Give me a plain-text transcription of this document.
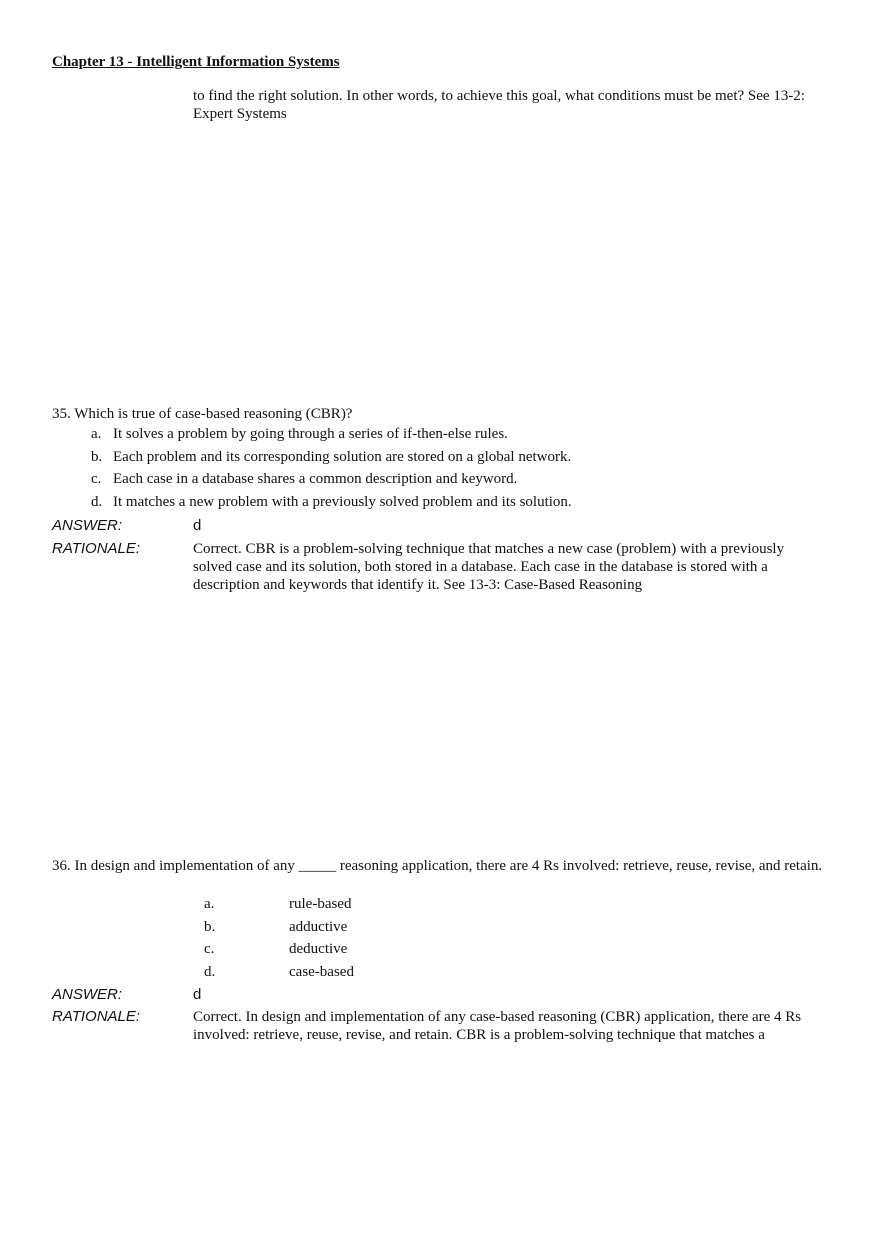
Chapter 13 - Intelligent Information Systems
to find the right solution. In other words, to achieve this goal, what conditions must be met? See 13-2: Expert Systems
35. Which is true of case-based reasoning (CBR)?
a. It solves a problem by going through a series of if-then-else rules.
b. Each problem and its corresponding solution are stored on a global network.
c. Each case in a database shares a common description and keyword.
d. It matches a new problem with a previously solved problem and its solution.
ANSWER:	d
RATIONALE:	Correct. CBR is a problem-solving technique that matches a new case (problem) with a previously solved case and its solution, both stored in a database. Each case in the database is stored with a description and keywords that identify it. See 13-3: Case-Based Reasoning
36. In design and implementation of any _____ reasoning application, there are 4 Rs involved: retrieve, reuse, revise, and retain.
a.	rule-based
b.	adductive
c.	deductive
d.	case-based
ANSWER:	d
RATIONALE:	Correct. In design and implementation of any case-based reasoning (CBR) application, there are 4 Rs involved: retrieve, reuse, revise, and retain. CBR is a problem-solving technique that matches a
